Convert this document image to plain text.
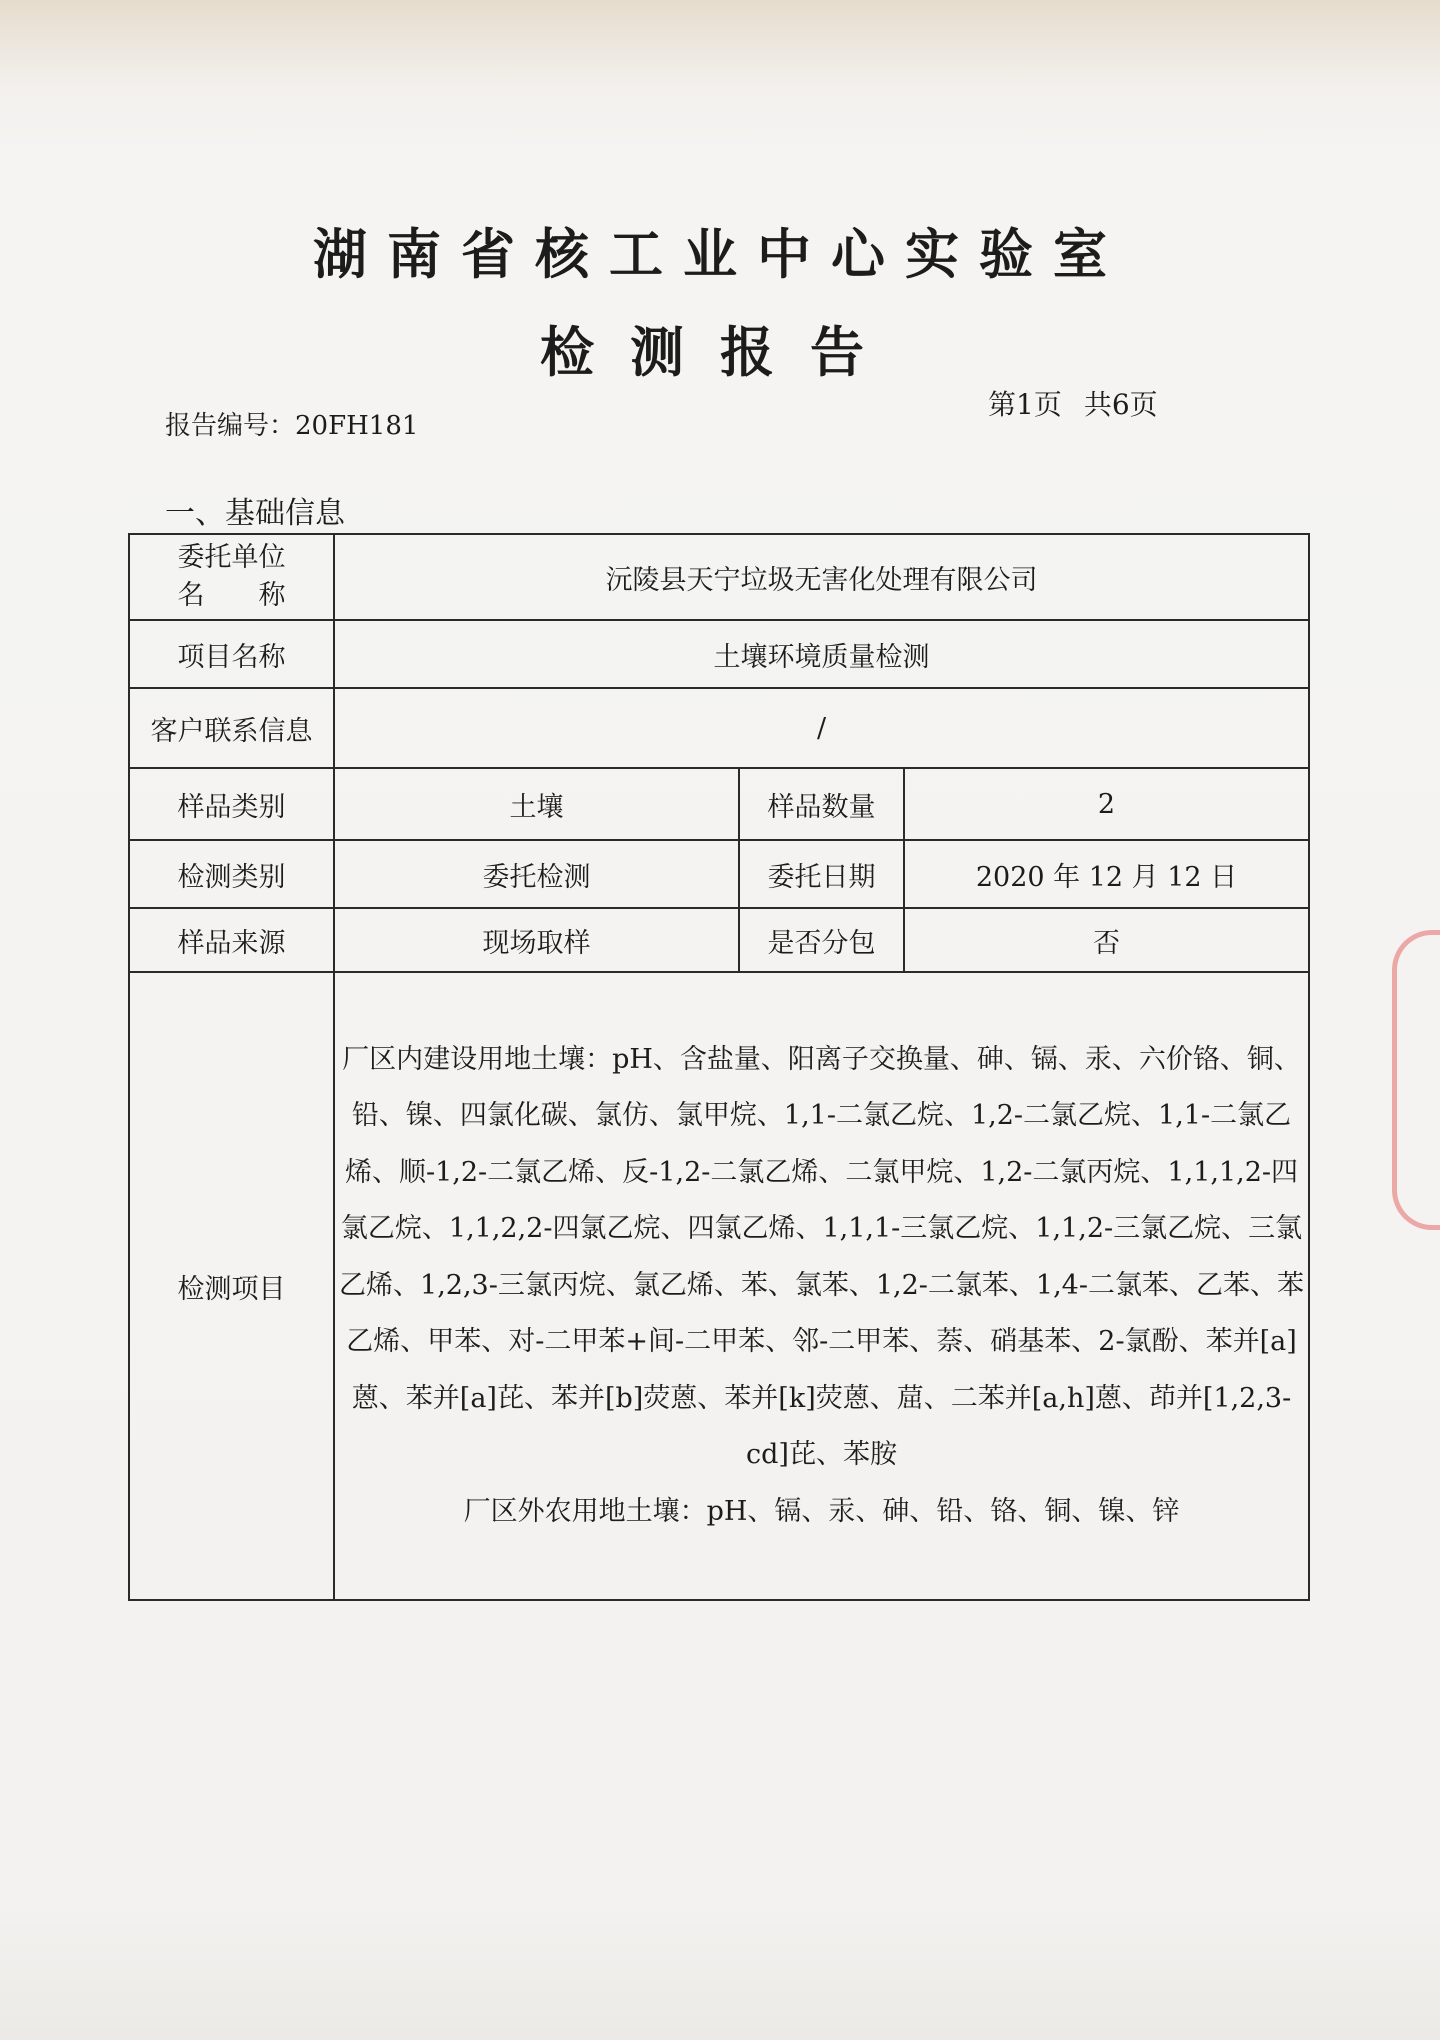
湖南省核工业中心实验室
检测报告
报告编号：20FH181
第1页 共6页
一、基础信息
委托单位
名　　称	沅陵县天宁垃圾无害化处理有限公司		
项目名称	土壤环境质量检测		
客户联系信息	/		
样品类别	土壤	样品数量	2
检测类别	委托检测	委托日期	2020 年 12 月 12 日
样品来源	现场取样	是否分包	否
检测项目	厂区内建设用地土壤：pH、含盐量、阳离子交换量、砷、镉、汞、六价铬、铜、铅、镍、四氯化碳、氯仿、氯甲烷、1,1-二氯乙烷、1,2-二氯乙烷、1,1-二氯乙烯、顺-1,2-二氯乙烯、反-1,2-二氯乙烯、二氯甲烷、1,2-二氯丙烷、1,1,1,2-四氯乙烷、1,1,2,2-四氯乙烷、四氯乙烯、1,1,1-三氯乙烷、1,1,2-三氯乙烷、三氯乙烯、1,2,3-三氯丙烷、氯乙烯、苯、氯苯、1,2-二氯苯、1,4-二氯苯、乙苯、苯乙烯、甲苯、对-二甲苯+间-二甲苯、邻-二甲苯、萘、硝基苯、2-氯酚、苯并[a]蒽、苯并[a]芘、苯并[b]荧蒽、苯并[k]荧蒽、䓛、二苯并[a,h]蒽、茚并[1,2,3-cd]芘、苯胺

厂区外农用地土壤：pH、镉、汞、砷、铅、铬、铜、镍、锌		
